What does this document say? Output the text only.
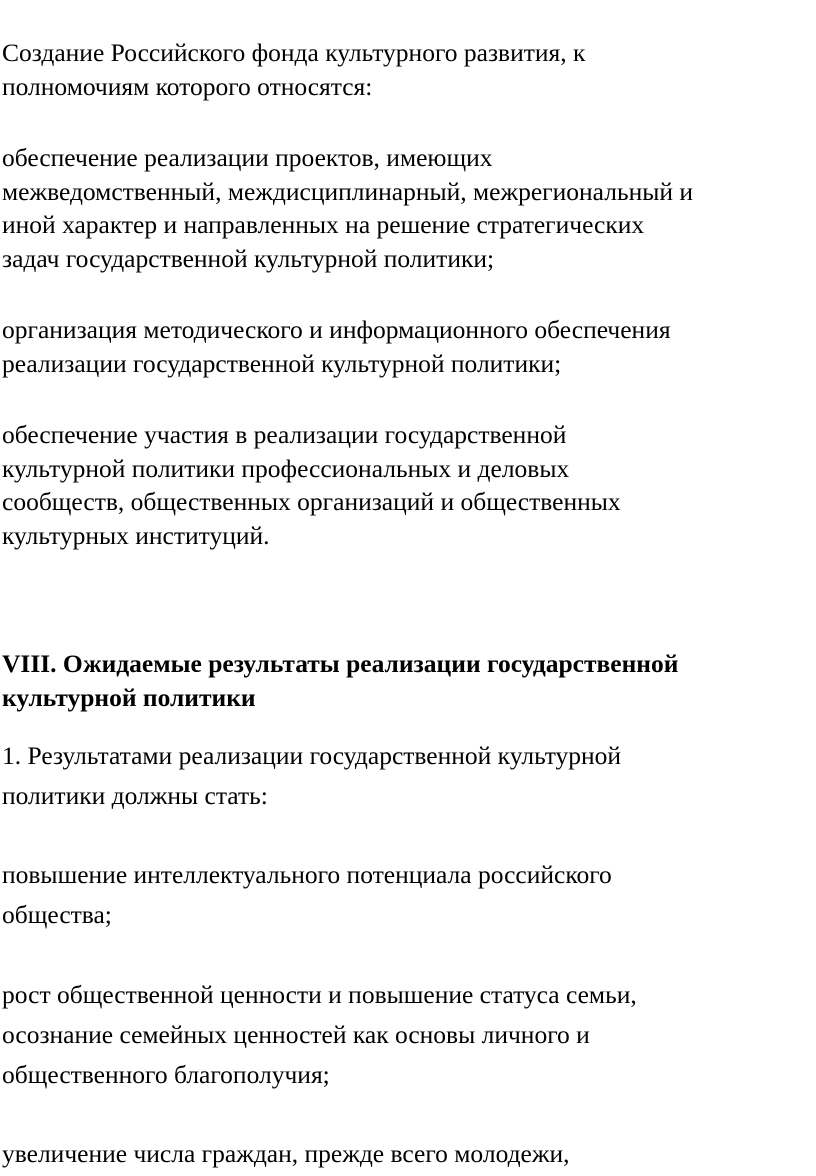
Создание Российского фонда культурного развития, к
полномочиям которого относятся:

обеспечение реализации проектов, имеющих
межведомственный, междисциплинарный, межрегиональный и
иной характер и направленных на решение стратегических
задач государственной культурной политики;

организация методического и информационного обеспечения
реализации государственной культурной политики;

обеспечение участия в реализации государственной
культурной политики профессиональных и деловых
сообществ, общественных организаций и общественных
культурных институций.

VIII. Ожидаемые результаты реализации государственной
культурной политики

1. Результатами реализации государственной культурной
политики должны стать:

повышение интеллектуального потенциала российского
общества;

рост общественной ценности и повышение статуса семьи,
осознание семейных ценностей как основы личного и
общественного благополучия;

увеличение числа граждан, прежде всего молодежи,
